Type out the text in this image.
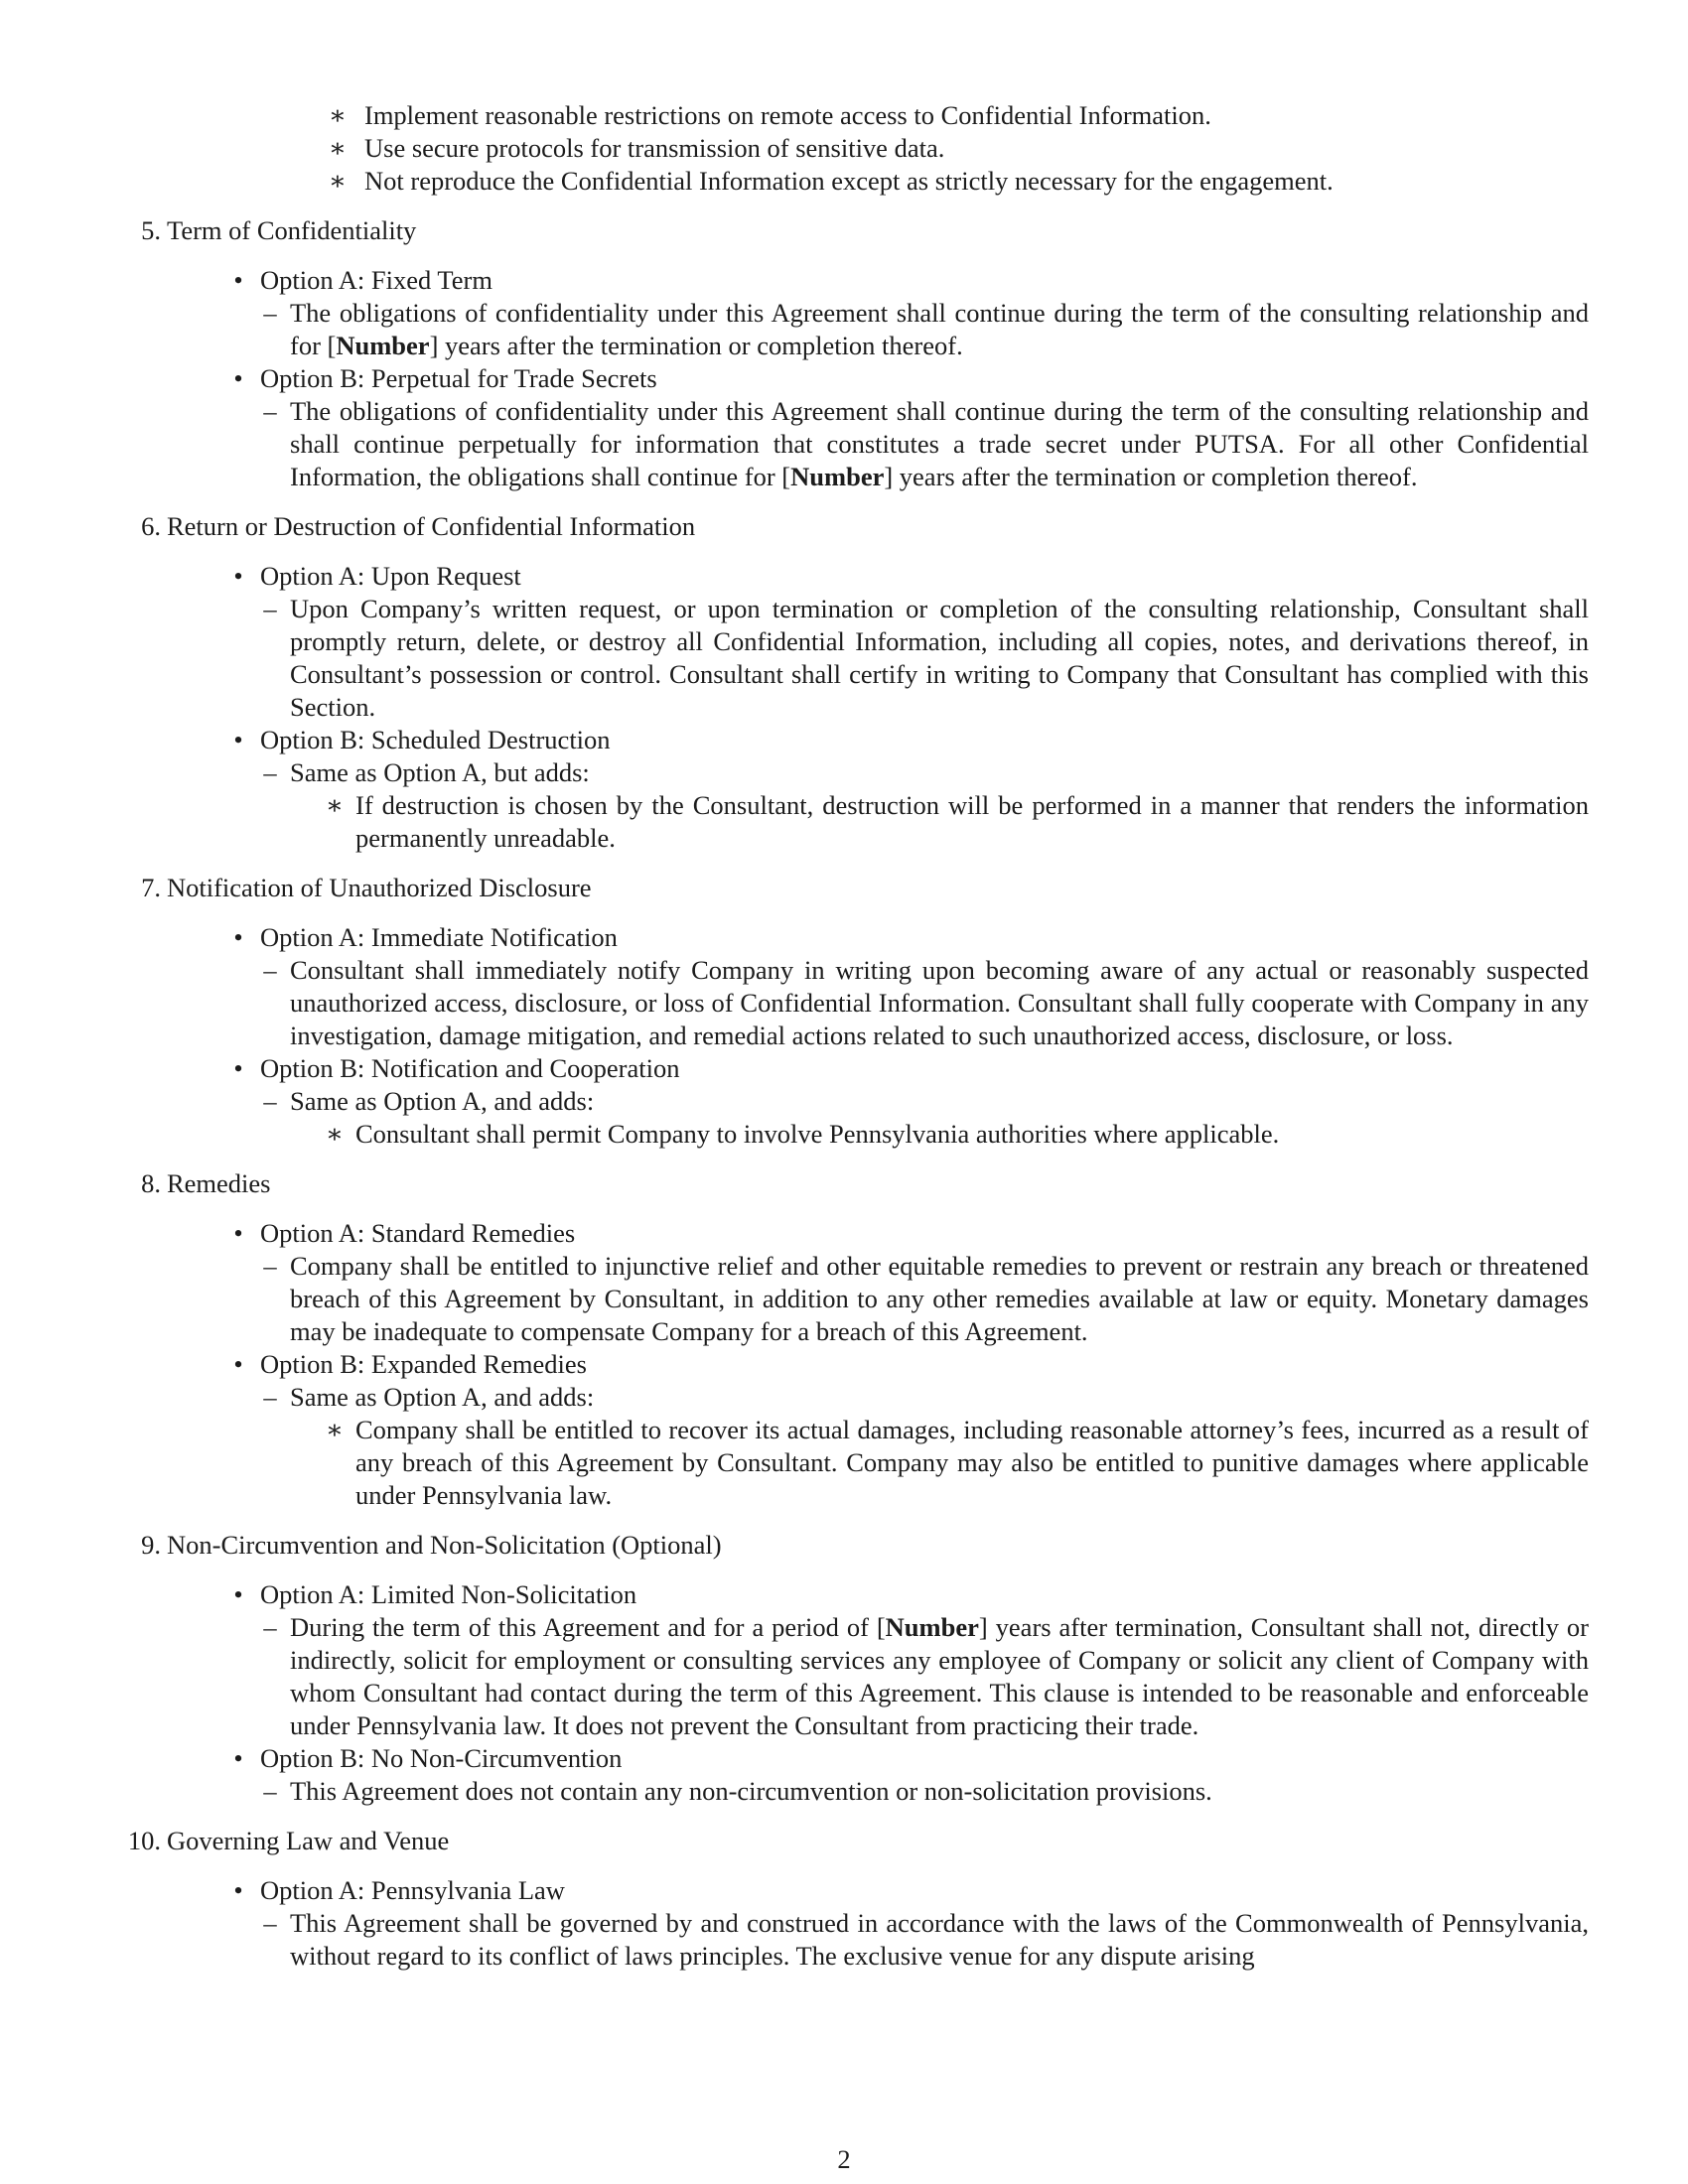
∗ Implement reasonable restrictions on remote access to Confidential Information.
∗ Use secure protocols for transmission of sensitive data.
∗ Not reproduce the Confidential Information except as strictly necessary for the engagement.
5. Term of Confidentiality
• Option A: Fixed Term
– The obligations of confidentiality under this Agreement shall continue during the term of the consulting relationship and for [Number] years after the termination or completion thereof.
• Option B: Perpetual for Trade Secrets
– The obligations of confidentiality under this Agreement shall continue during the term of the consulting relationship and shall continue perpetually for information that constitutes a trade secret under PUTSA. For all other Confidential Information, the obligations shall continue for [Number] years after the termination or completion thereof.
6. Return or Destruction of Confidential Information
• Option A: Upon Request
– Upon Company’s written request, or upon termination or completion of the consulting relationship, Consultant shall promptly return, delete, or destroy all Confidential Information, including all copies, notes, and derivations thereof, in Consultant’s possession or control. Consultant shall certify in writing to Company that Consultant has complied with this Section.
• Option B: Scheduled Destruction
– Same as Option A, but adds:
∗ If destruction is chosen by the Consultant, destruction will be performed in a manner that renders the information permanently unreadable.
7. Notification of Unauthorized Disclosure
• Option A: Immediate Notification
– Consultant shall immediately notify Company in writing upon becoming aware of any actual or reasonably suspected unauthorized access, disclosure, or loss of Confidential Information. Consultant shall fully cooperate with Company in any investigation, damage mitigation, and remedial actions related to such unauthorized access, disclosure, or loss.
• Option B: Notification and Cooperation
– Same as Option A, and adds:
∗ Consultant shall permit Company to involve Pennsylvania authorities where applicable.
8. Remedies
• Option A: Standard Remedies
– Company shall be entitled to injunctive relief and other equitable remedies to prevent or restrain any breach or threatened breach of this Agreement by Consultant, in addition to any other remedies available at law or equity. Monetary damages may be inadequate to compensate Company for a breach of this Agreement.
• Option B: Expanded Remedies
– Same as Option A, and adds:
∗ Company shall be entitled to recover its actual damages, including reasonable attorney’s fees, incurred as a result of any breach of this Agreement by Consultant. Company may also be entitled to punitive damages where applicable under Pennsylvania law.
9. Non-Circumvention and Non-Solicitation (Optional)
• Option A: Limited Non-Solicitation
– During the term of this Agreement and for a period of [Number] years after termination, Consultant shall not, directly or indirectly, solicit for employment or consulting services any employee of Company or solicit any client of Company with whom Consultant had contact during the term of this Agreement. This clause is intended to be reasonable and enforceable under Pennsylvania law. It does not prevent the Consultant from practicing their trade.
• Option B: No Non-Circumvention
– This Agreement does not contain any non-circumvention or non-solicitation provisions.
10. Governing Law and Venue
• Option A: Pennsylvania Law
– This Agreement shall be governed by and construed in accordance with the laws of the Commonwealth of Pennsylvania, without regard to its conflict of laws principles. The exclusive venue for any dispute arising
2
